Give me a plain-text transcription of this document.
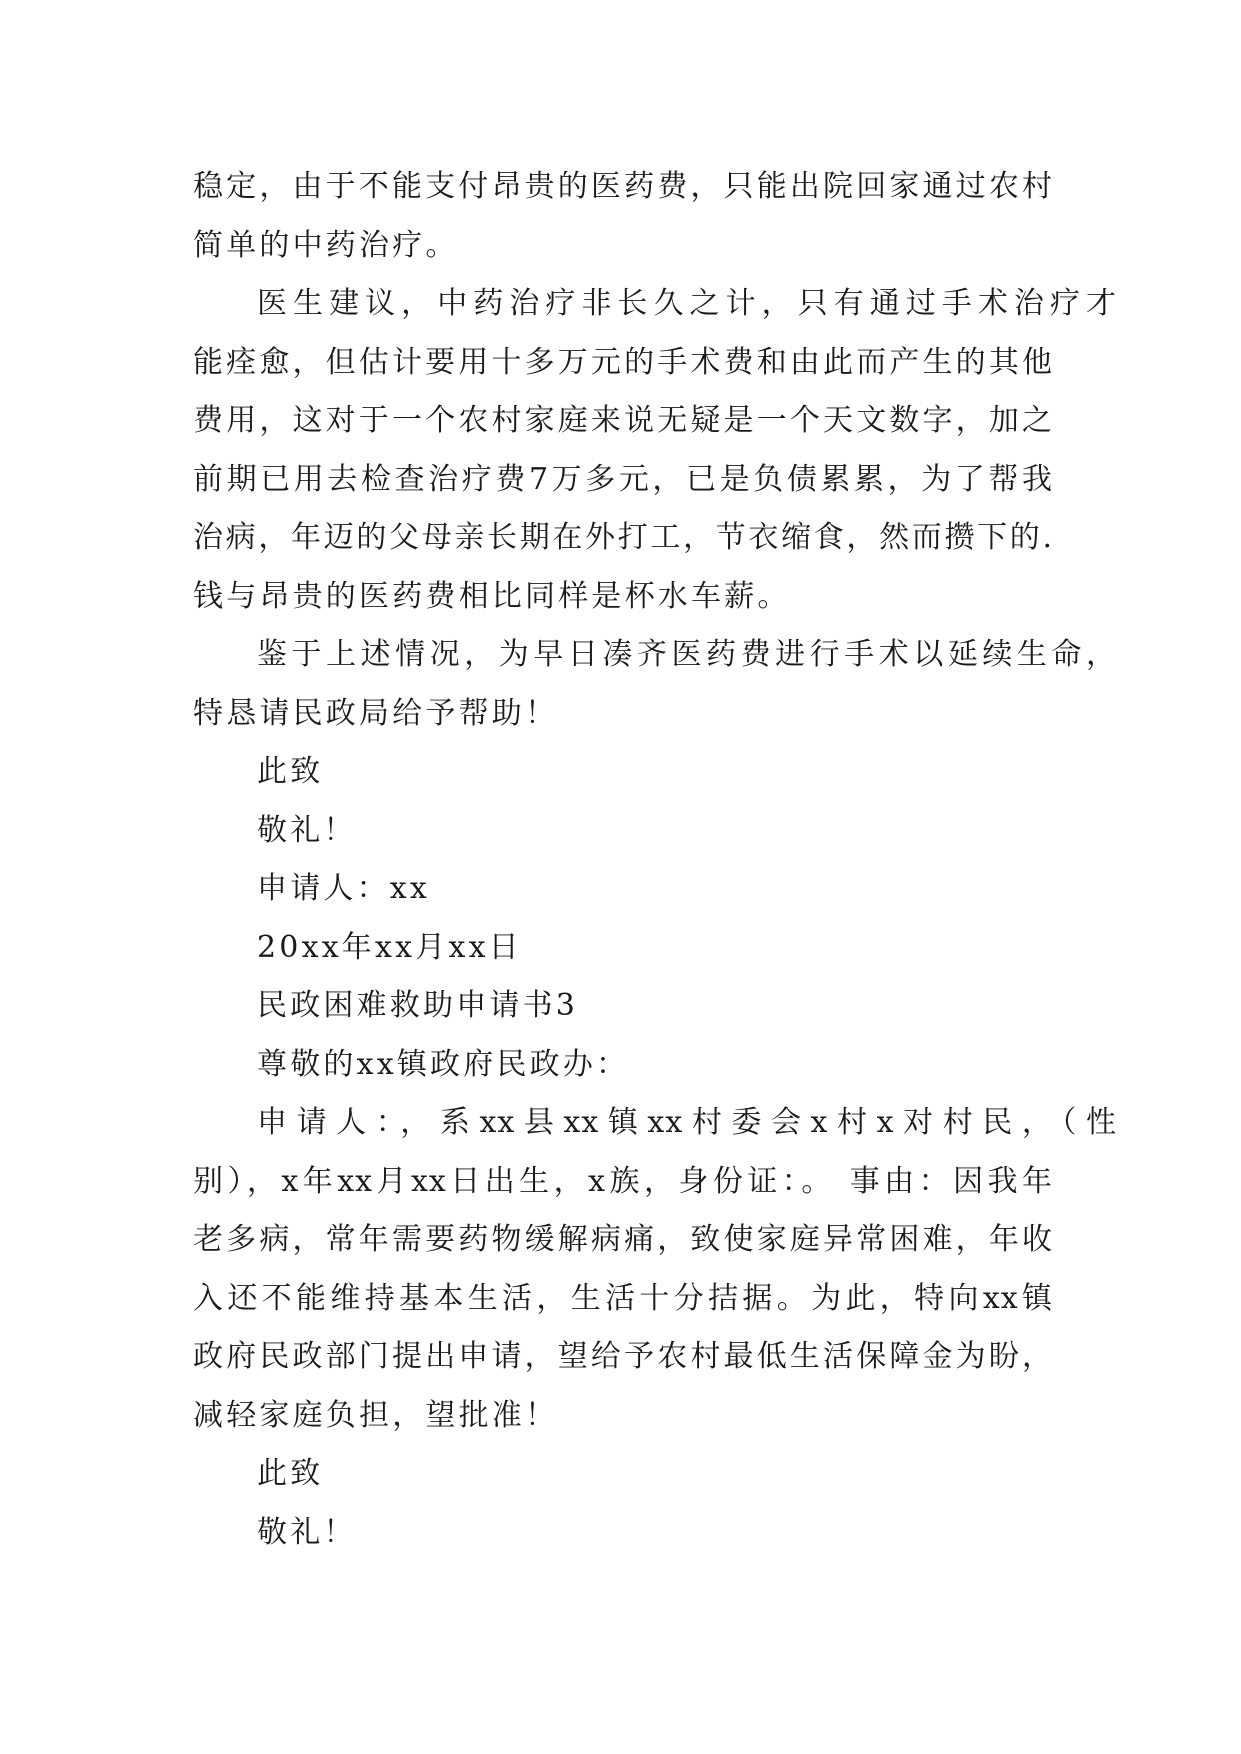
稳定，由于不能支付昂贵的医药费，只能出院回家通过农村

简单的中药治疗。

医生建议，中药治疗非长久之计，只有通过手术治疗才

能痊愈，但估计要用十多万元的手术费和由此而产生的其他

费用，这对于一个农村家庭来说无疑是一个天文数字，加之

前期已用去检查治疗费7万多元，已是负债累累，为了帮我

治病，年迈的父母亲长期在外打工，节衣缩食，然而攒下的.

钱与昂贵的医药费相比同样是杯水车薪。

鉴于上述情况，为早日凑齐医药费进行手术以延续生命，

特恳请民政局给予帮助！

此致

敬礼！

申请人：xx

20xx年xx月xx日

民政困难救助申请书3

尊敬的xx镇政府民政办：

申请人：，系xx县xx镇xx村委会x村x对村民，（性

别），x年xx月xx日出生，x族，身份证：。 事由：因我年

老多病，常年需要药物缓解病痛，致使家庭异常困难，年收

入还不能维持基本生活，生活十分拮据。为此，特向xx镇

政府民政部门提出申请，望给予农村最低生活保障金为盼，

减轻家庭负担，望批准！

此致

敬礼！
